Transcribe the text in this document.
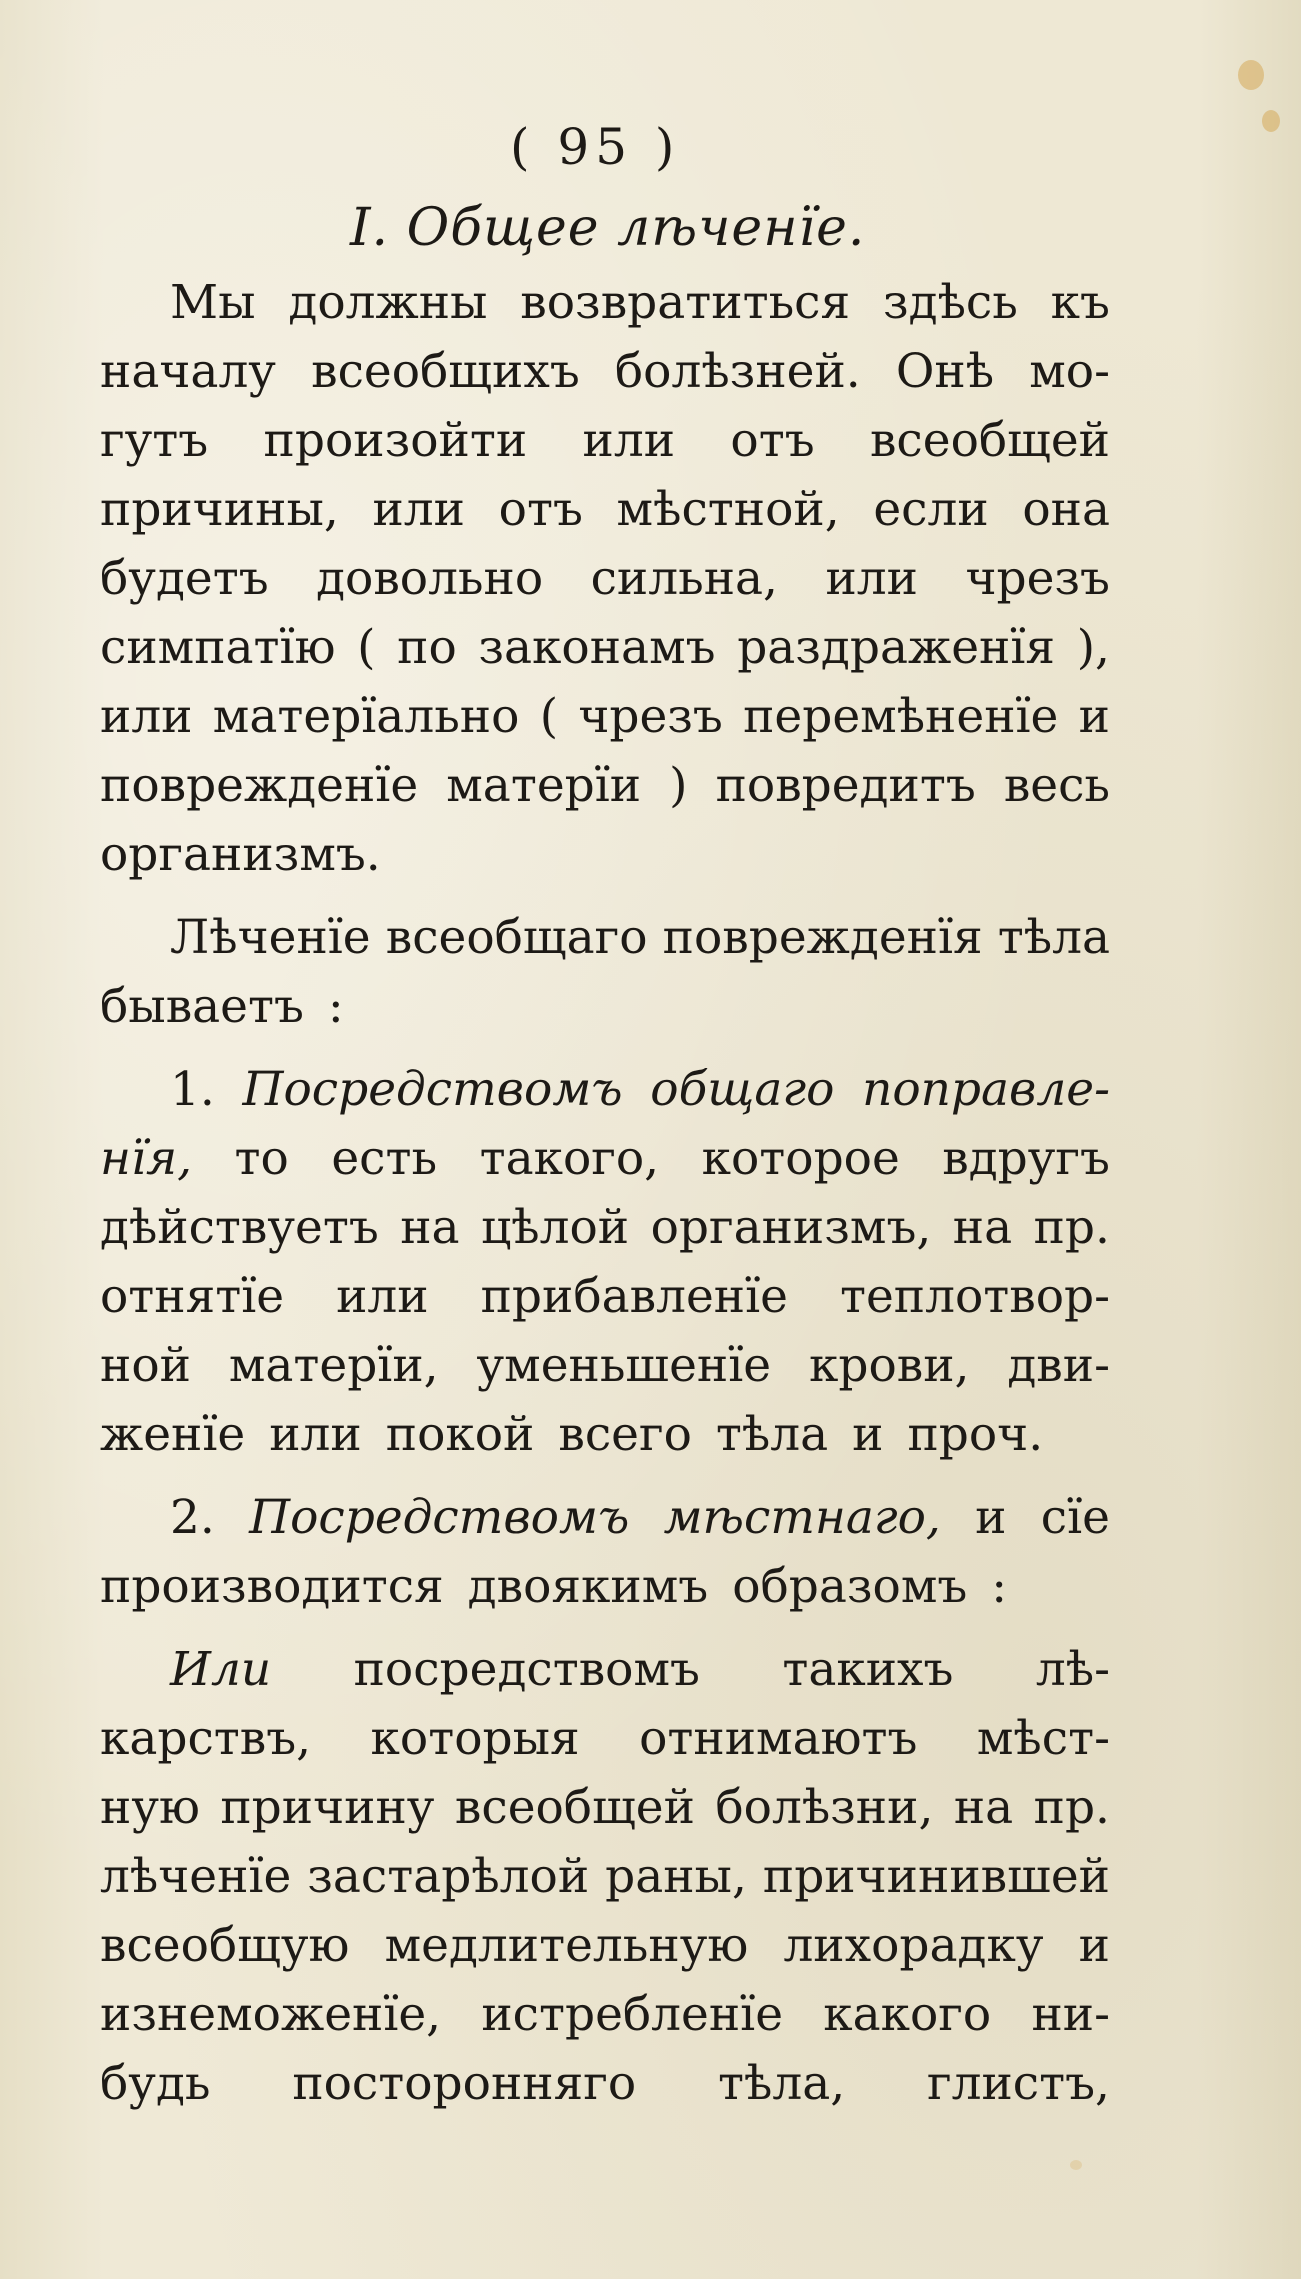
( 95 )
I. Общее лѣченїе.
Мы должны возвратиться здѣсь къ
началу всеобщихъ болѣзней. Онѣ мо-
гутъ произойти или отъ всеобщей
причины, или отъ мѣстной, если она
будетъ довольно сильна, или чрезъ
симпатїю ( по законамъ раздраженїя ),
или матерїально ( чрезъ перемѣненїе и
поврежденїе матерїи ) повредитъ весь
организмъ.
Лѣченїе всеобщаго поврежденїя тѣла
бываетъ :
1. Посредствомъ общаго поправле-
нїя, то есть такого, которое вдругъ
дѣйствуетъ на цѣлой организмъ, на пр.
отнятїе или прибавленїе теплотвор-
ной матерїи, уменьшенїе крови, дви-
женїе или покой всего тѣла и проч.
2. Посредствомъ мѣстнаго, и сїе
производится двоякимъ образомъ :
Или посредствомъ такихъ лѣ-
карствъ, которыя отнимаютъ мѣст-
ную причину всеобщей болѣзни, на пр.
лѣченїе застарѣлой раны, причинившей
всеобщую медлительную лихорадку и
изнеможенїе, истребленїе какого ни-
будь посторонняго тѣла, глистъ,
